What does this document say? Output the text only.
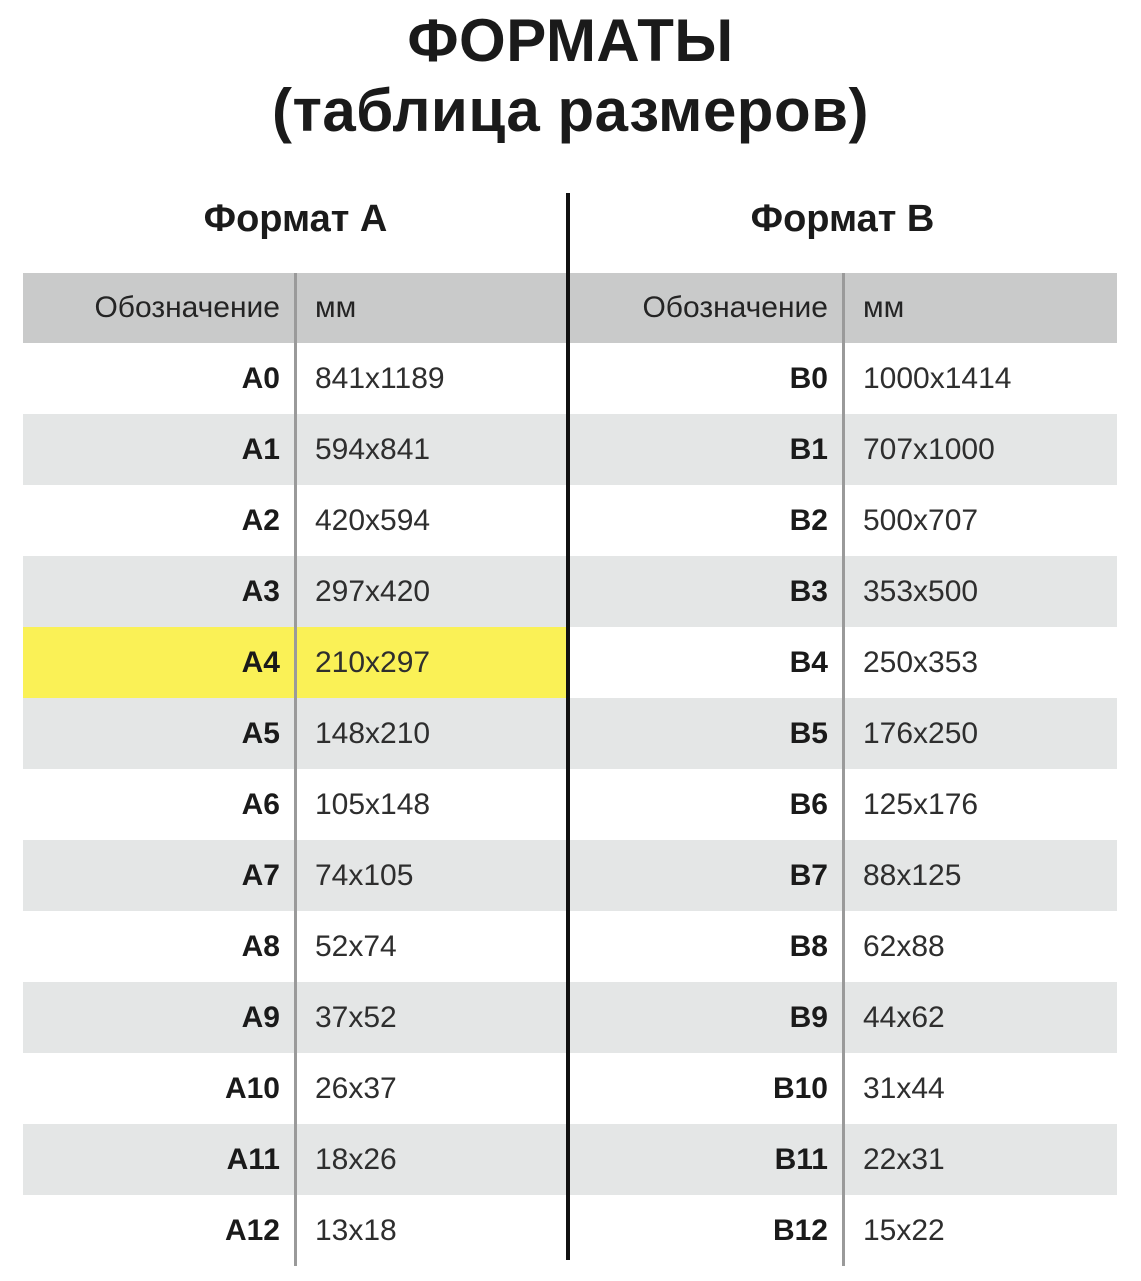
ФОРМАТЫ
(таблица размеров)
Формат А	Формат В
Обозначение	мм
A0	841x1189
A1	594x841
A2	420x594
A3	297x420
A4	210x297
A5	148x210
A6	105x148
A7	74x105
A8	52x74
A9	37x52
A10	26x37
A11	18x26
A12	13x18
Обозначение	мм
B0	1000x1414
B1	707x1000
B2	500x707
B3	353x500
B4	250x353
B5	176x250
B6	125x176
B7	88x125
B8	62x88
B9	44x62
B10	31x44
B11	22x31
B12	15x22
